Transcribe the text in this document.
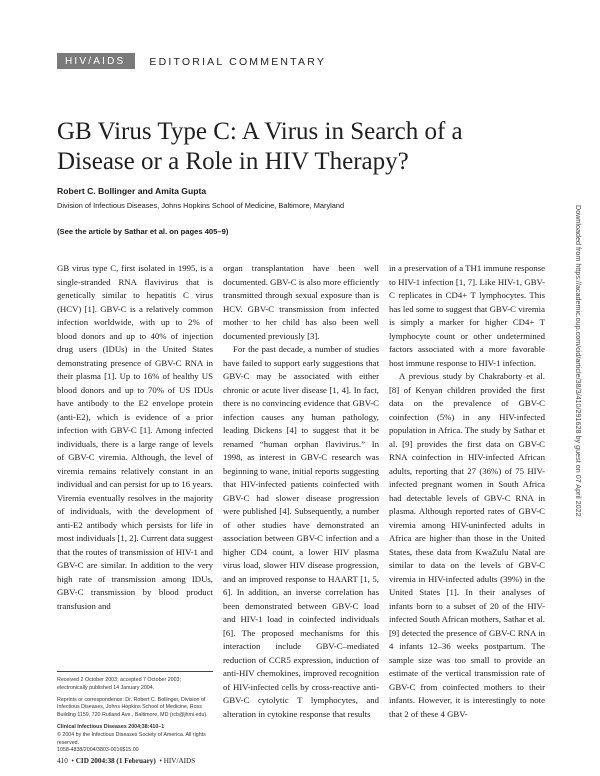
HIV/AIDS	EDITORIAL COMMENTARY
GB Virus Type C: A Virus in Search of a Disease or a Role in HIV Therapy?

Robert C. Bollinger and Amita Gupta

Division of Infectious Diseases, Johns Hopkins School of Medicine, Baltimore, Maryland

(See the article by Sathar et al. on pages 405–9)

GB virus type C, first isolated in 1995, is a single-stranded RNA flavivirus that is genetically similar to hepatitis C virus (HCV) [1]. GBV-C is a relatively common infection worldwide, with up to 2% of blood donors and up to 40% of injection drug users (IDUs) in the United States demonstrating presence of GBV-C RNA in their plasma [1]. Up to 16% of healthy US blood donors and up to 70% of US IDUs have antibody to the E2 envelope protein (anti-E2), which is evidence of a prior infection with GBV-C [1]. Among infected individuals, there is a large range of levels of GBV-C viremia. Although, the level of viremia remains relatively constant in an individual and can persist for up to 16 years. Viremia eventually resolves in the majority of individuals, with the development of anti-E2 antibody which persists for life in most individuals [1, 2]. Current data suggest that the routes of transmission of HIV-1 and GBV-C are similar. In addition to the very high rate of transmission among IDUs, GBV-C transmission by blood product transfusion and

organ transplantation have been well documented. GBV-C is also more efficiently transmitted through sexual exposure than is HCV. GBV-C transmission from infected mother to her child has also been well documented previously [3].

For the past decade, a number of studies have failed to support early suggestions that GBV-C may be associated with either chronic or acute liver disease [1, 4]. In fact, there is no convincing evidence that GBV-C infection causes any human pathology, leading Dickens [4] to suggest that it be renamed “human orphan flavivirus.” In 1998, as interest in GBV-C research was beginning to wane, initial reports suggesting that HIV-infected patients coinfected with GBV-C had slower disease progression were published [4]. Subsequently, a number of other studies have demonstrated an association between GBV-C infection and a higher CD4 count, a lower HIV plasma virus load, slower HIV disease progression, and an improved response to HAART [1, 5, 6]. In addition, an inverse correlation has been demonstrated between GBV-C load and HIV-1 load in coinfected individuals [6]. The proposed mechanisms for this interaction include GBV-C–mediated reduction of CCR5 expression, induction of anti-HIV chemokines, improved recognition of HIV-infected cells by cross-reactive anti-GBV-C cytolytic T lymphocytes, and alteration in cytokine response that results

in a preservation of a TH1 immune response to HIV-1 infection [1, 7]. Like HIV-1, GBV-C replicates in CD4+ T lymphocytes. This has led some to suggest that GBV-C viremia is simply a marker for higher CD4+ T lymphocyte count or other undetermined factors associated with a more favorable host immune response to HIV-1 infection.

A previous study by Chakraborty et al. [8] of Kenyan children provided the first data on the prevalence of GBV-C coinfection (5%) in any HIV-infected population in Africa. The study by Sathar et al. [9] provides the first data on GBV-C RNA coinfection in HIV-infected African adults, reporting that 27 (36%) of 75 HIV-infected pregnant women in South Africa had detectable levels of GBV-C RNA in plasma. Although reported rates of GBV-C viremia among HIV-uninfected adults in Africa are higher than those in the United States, these data from KwaZulu Natal are similar to data on the levels of GBV-C viremia in HIV-infected adults (39%) in the United States [1]. In their analyses of infants born to a subset of 20 of the HIV-infected South African mothers, Sathar et al. [9] detected the presence of GBV-C RNA in 4 infants 12–36 weeks postpartum. The sample size was too small to provide an estimate of the vertical transmission rate of GBV-C from coinfected mothers to their infants. However, it is interestingly to note that 2 of these 4 GBV-

Received 2 October 2003; accepted 7 October 2003; electronically published 14 January 2004.

Reprints or correspondence: Dr. Robert C. Bollinger, Division of Infectious Diseases, Johns Hopkins School of Medicine, Ross Building 1159, 720 Rutland Ave., Baltimore, MD (rcb@jhmi.edu).

Clinical Infectious Diseases 2004;38:410–1

© 2004 by the Infectious Diseases Society of America. All rights reserved.

1058-4838/2004/3803-0016$15.00

410  • CID 2004:38 (1 February)  • HIV/AIDS

Downloaded from https://academic.oup.com/cid/article/38/3/410/291628 by guest on 07 April 2022
